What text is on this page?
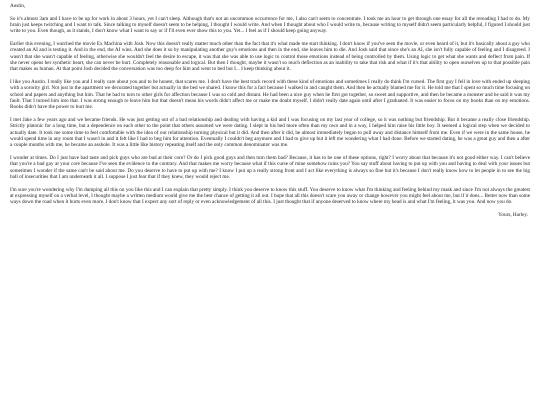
Austin,

So it's almost 3am and I have to be up for work in about 3 hours, yet I can't sleep. Although that's not an uncommon occurrence for me, I also can't seem to concentrate. I took me an hour to get through one essay for all the rereading I had to do. My brain just keeps twitching and I want to talk. Since talking to myself doesn't seem to be helping, I thought I would write. And when I thought about who I would write to, because writing to myself didn't seem particularly helpful, I figured I should just write to you. Even though, as it stands, I don't know what I want to say or if I'll even ever show this to you. Yet... I feel as if I should keep going anyway.

Earlier this evening, I watched the movie Ex Machina with Josh. Now this doesn't really matter much other than the fact that it's what made me start thinking. I don't know if you've seen the movie, or even heard of it, but it's basically about a guy who created an AI and is testing it. And in the end, the AI wins. And she does it so by manipulating another guy's emotions and then in the end, she leaves him to die. And Josh said that since she's an AI, she isn't fully capable of feeling and I disagreed. I wasn't that she wasn't capable of feeling, otherwise she wouldn't feel the desire to escape, it was that she was able to use logic to control those emotions instead of being controlled by them. Using logic to get what she wants and deflect from pain. If she never opens her synthetic heart, she can never be hurt. Completely reasonable and logical. But then I thought, maybe it wasn't so much deflection as an inability to take that risk and what if it's that ability to open ourselves up to that possible pain that makes us human. At that point Josh decided the conversation was too deep for him and went to bed but I... I keep thinking about it.

I like you Austin. I really like you and I really care about you and to be honest, that scares me. I don't have the best track record with these kind of emotions and sometimes I really do think I'm cursed. The first guy I fell in love with ended up sleeping with a sorority girl. Not just in the apartment we decorated together but actually in the bed we shared. I know this for a fact because I walked in and caught them. And then he actually blamed me for it. He told me that I spent so much time focusing on school and papers and anything but him. That he had to turn to other girls for affection because I was so cold and distant. He had been a nice guy when he first got together, so sweet and supportive, and then he became a monster and he said it was my fault. That I turned him into that. I was strong enough to leave him but that doesn't mean his words didn't affect me or make me doubt myself. I didn't really date again until after I graduated. It was easier to focus on my books than on my emotions. Books didn't have the power to hurt me.

I met Jake a few years ago and we became friends. He was just getting out of a bad relationship and dealing with having a kid and I was focusing on my last year of college, so it was nothing but friendship. But it became a really close friendship. Strictly platonic for a long time, but a dependence on each other to the point that others assumed we were dating. I slept in his bed more often than my own and in a way, I helped him raise his little boy. It seemed a logical step when we decided to actually date. It took me some time to feel comfortable with the idea of our relationship turning physical but it did. And then after it did, he almost immediately began to pull away and distance himself from me. Even if we were in the same house, he would spend time in any room that I wasn't in and it felt like I had to beg him for attention. Eventually I couldn't beg anymore and I had to give up but it left me wondering what I had done. Before we started dating, he was a great guy and then a after a couple months with me, he became an asshole. It was a little like history repeating itself and the only common denominator was me.

I wonder at times. Do I just have bad taste and pick guys who are bad at their core? Or do I pick good guys and then turn them bad? Because, it has to be one of these options, right? I worry about that because it's not good either way. I can't believe that you're a bad guy at your core because I've seen the evidence to the contrary. And that makes me worry because what if this curse of mine somehow ruins you? You say stuff about having to put up with you and having to deal with your issues but sometimes I wonder if the same can't be said about me. Do you deserve to have to put up with me? I know I put up a really strong front and I act like everything is always so fine but it's because I don't really know how to let people in to see the big ball of insecurities that I am underneath it all. I suppose I just fear that if they knew, they would reject me.

I'm sure you're wondering why I'm dumping all this on you like this and I can explain that pretty simply. I think you deserve to know this stuff. You deserve to know what I'm thinking and feeling behind my mask and since I'm not always the greatest at expressing myself on a verbal level, I thought maybe a written medium would give me the best chance of getting it all out. I hope that all this doesn't scare you away or change however you might feel about me, but if it does... Better now than some ways down the road when it hurts even more. I don't know that I expect any sort of reply or even acknowledgement of all this. I just thought that if anyone deserved to know where my head is and what I'm feeling, it was you. And now you do.

Yours, Harley.
